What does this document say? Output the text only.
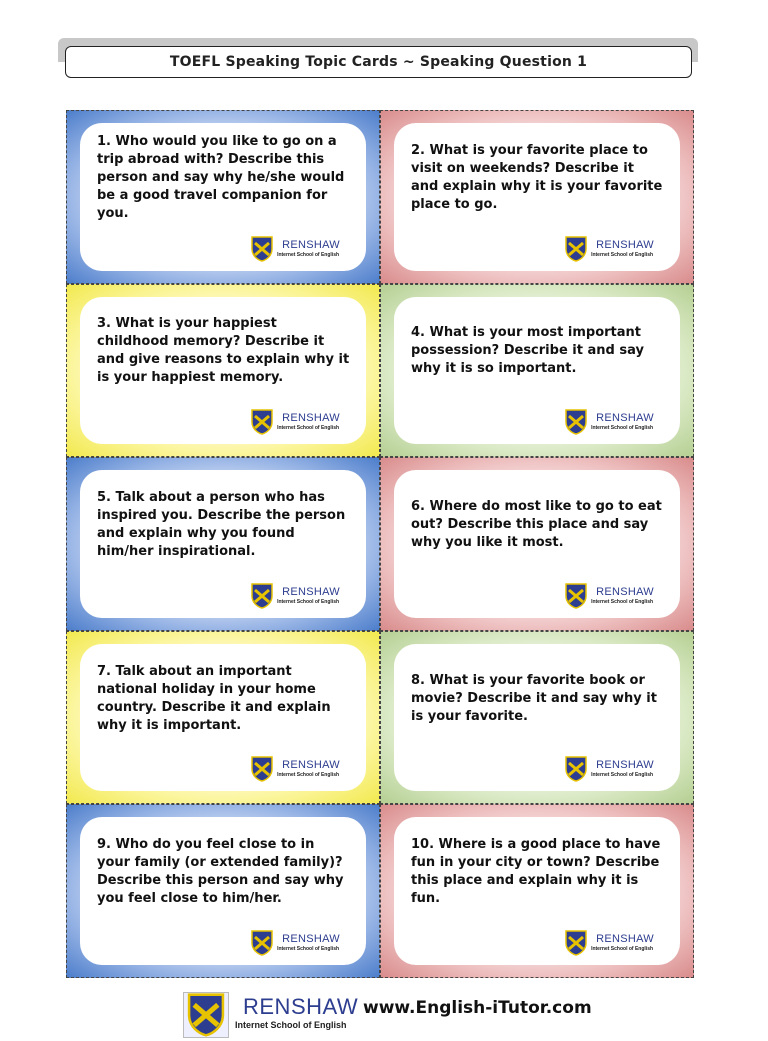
TOEFL Speaking Topic Cards ~ Speaking Question 1
1. Who would you like to go on a trip abroad with? Describe this person and say why he/she would be a good travel companion for you.
RENSHAW
Internet School of English
2. What is your favorite place to visit on weekends? Describe it and explain why it is your favorite place to go.
RENSHAW
Internet School of English
3. What is your happiest childhood memory? Describe it and give reasons to explain why it is your happiest memory.
RENSHAW
Internet School of English
4. What is your most important possession? Describe it and say why it is so important.
RENSHAW
Internet School of English
5. Talk about a person who has inspired you. Describe the person and explain why you found him/her inspirational.
RENSHAW
Internet School of English
6. Where do most like to go to eat out? Describe this place and say why you like it most.
RENSHAW
Internet School of English
7. Talk about an important national holiday in your home country. Describe it and explain why it is important.
RENSHAW
Internet School of English
8. What is your favorite book or movie? Describe it and say why it is your favorite.
RENSHAW
Internet School of English
9. Who do you feel close to in your family (or extended family)? Describe this person and say why you feel close to him/her.
RENSHAW
Internet School of English
10. Where is a good place to have fun in your city or town? Describe this place and explain why it is fun.
RENSHAW
Internet School of English
RENSHAW
Internet School of English
www.English-iTutor.com
